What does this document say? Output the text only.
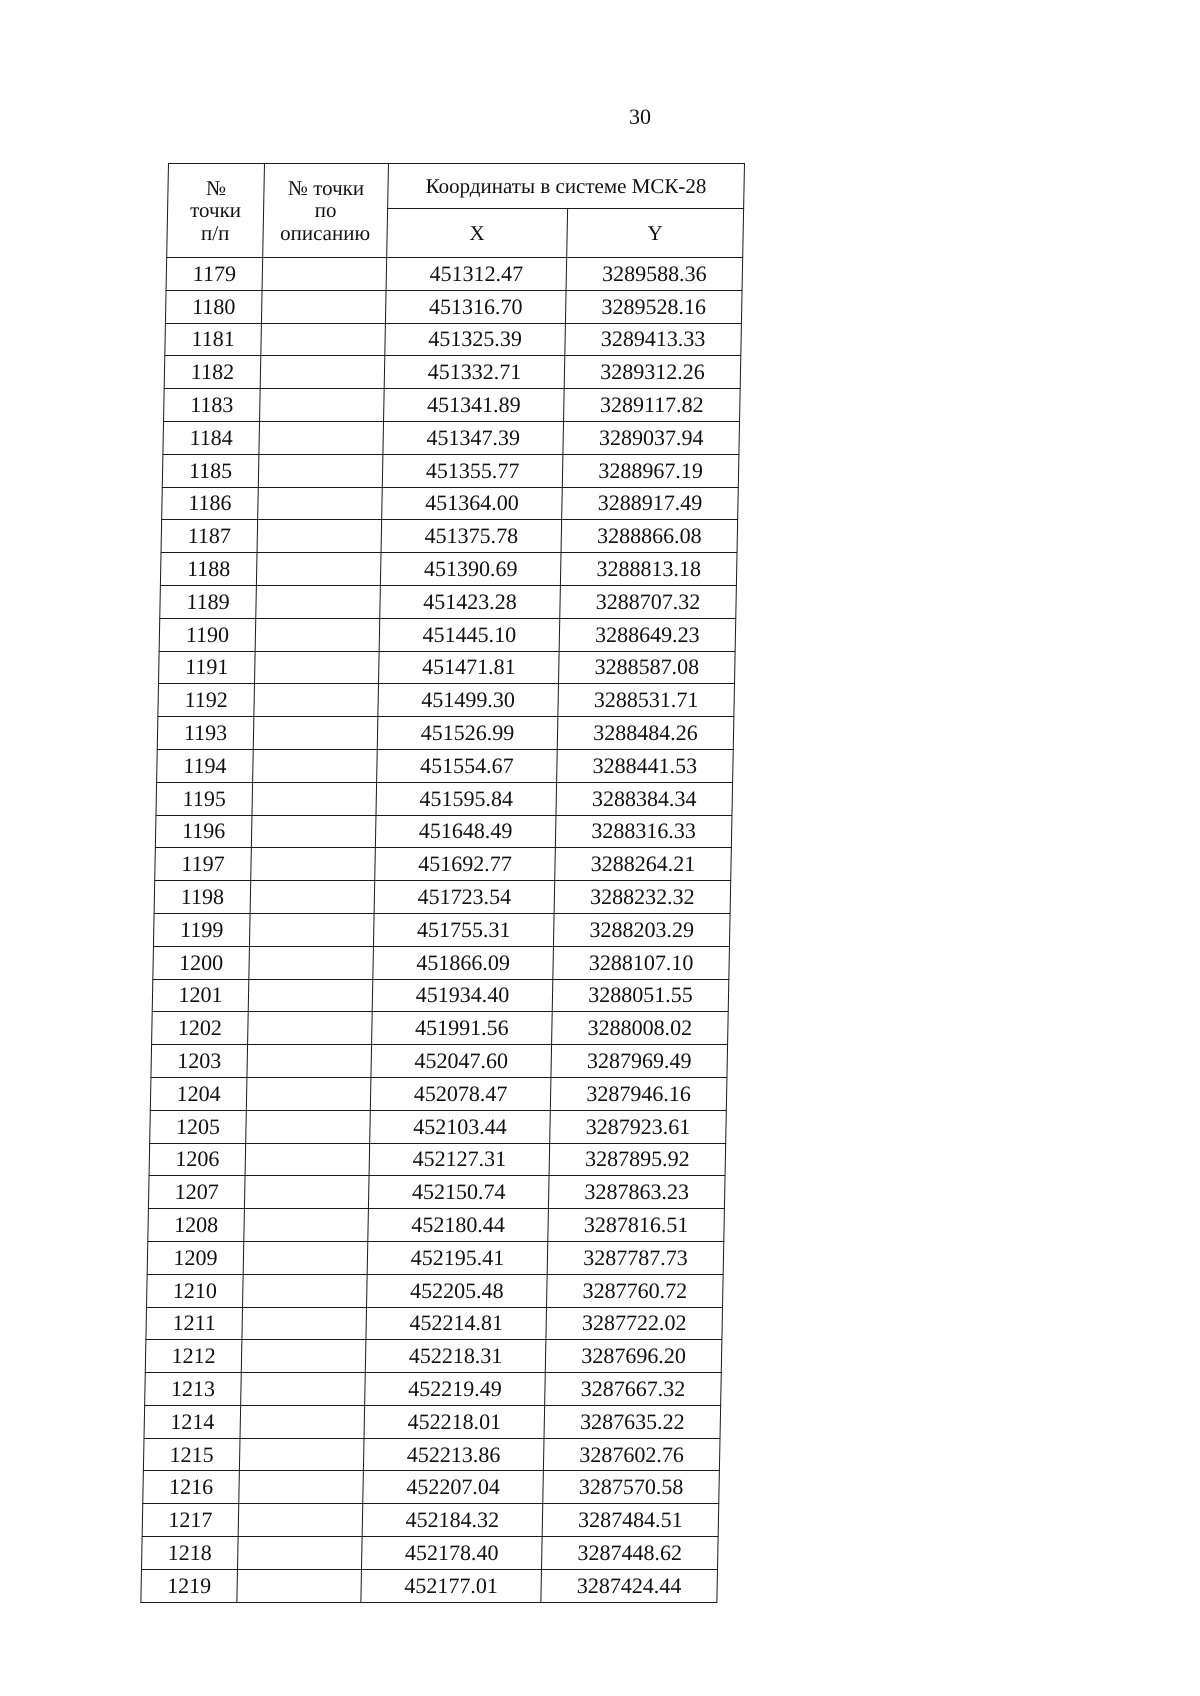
30
№
точки
п/п	№ точки
по
описанию	Координаты в системе МСК-28	
		X	Y
1179		451312.47	3289588.36
1180		451316.70	3289528.16
1181		451325.39	3289413.33
1182		451332.71	3289312.26
1183		451341.89	3289117.82
1184		451347.39	3289037.94
1185		451355.77	3288967.19
1186		451364.00	3288917.49
1187		451375.78	3288866.08
1188		451390.69	3288813.18
1189		451423.28	3288707.32
1190		451445.10	3288649.23
1191		451471.81	3288587.08
1192		451499.30	3288531.71
1193		451526.99	3288484.26
1194		451554.67	3288441.53
1195		451595.84	3288384.34
1196		451648.49	3288316.33
1197		451692.77	3288264.21
1198		451723.54	3288232.32
1199		451755.31	3288203.29
1200		451866.09	3288107.10
1201		451934.40	3288051.55
1202		451991.56	3288008.02
1203		452047.60	3287969.49
1204		452078.47	3287946.16
1205		452103.44	3287923.61
1206		452127.31	3287895.92
1207		452150.74	3287863.23
1208		452180.44	3287816.51
1209		452195.41	3287787.73
1210		452205.48	3287760.72
1211		452214.81	3287722.02
1212		452218.31	3287696.20
1213		452219.49	3287667.32
1214		452218.01	3287635.22
1215		452213.86	3287602.76
1216		452207.04	3287570.58
1217		452184.32	3287484.51
1218		452178.40	3287448.62
1219		452177.01	3287424.44
